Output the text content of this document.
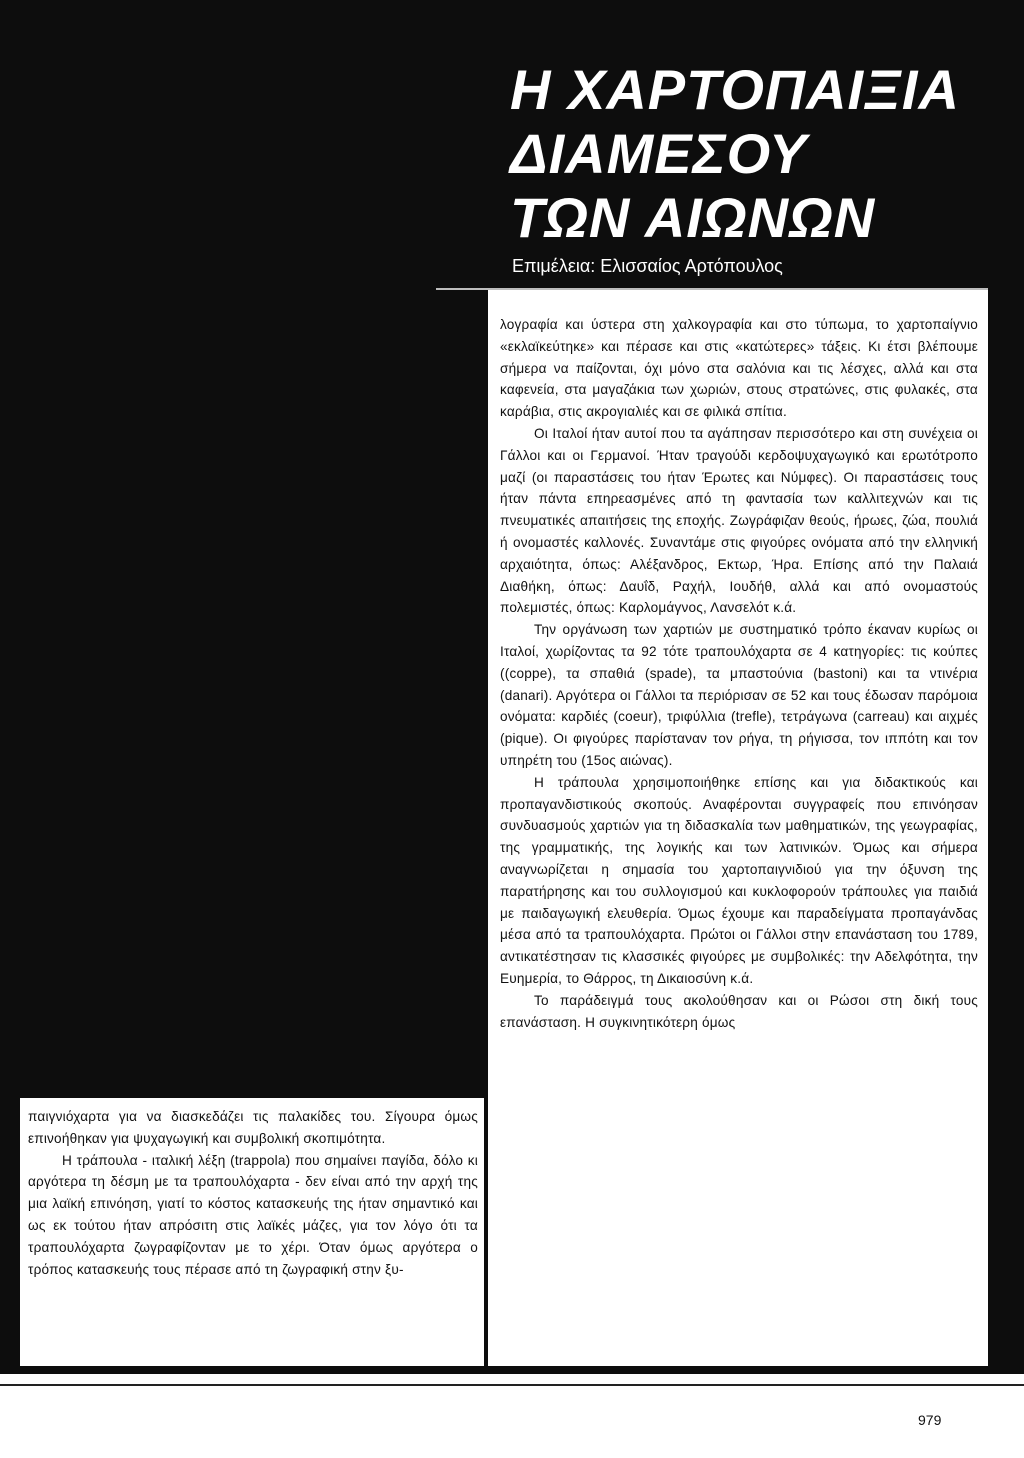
Η ΧΑΡΤΟΠΑΙΞΙΑ
ΔΙΑΜΕΣΟΥ
ΤΩΝ ΑΙΩΝΩΝ
Επιμέλεια: Ελισσαίος Αρτόπουλος

λογραφία και ύστερα στη χαλκογραφία και στο τύπωμα, το χαρτοπαίγνιο «εκλαϊκεύτηκε» και πέρασε και στις «κατώτερες» τάξεις. Κι έτσι βλέπουμε σήμερα να παίζονται, όχι μόνο στα σαλόνια και τις λέσχες, αλλά και στα καφενεία, στα μαγαζάκια των χωριών, στους στρατώνες, στις φυλακές, στα καράβια, στις ακρογιαλιές και σε φιλικά σπίτια.

Οι Ιταλοί ήταν αυτοί που τα αγάπησαν περισσότερο και στη συνέχεια οι Γάλλοι και οι Γερμανοί. Ήταν τραγούδι κερδοψυχαγωγικό και ερωτότροπο μαζί (οι παραστάσεις του ήταν Έρωτες και Νύμφες). Οι παραστάσεις τους ήταν πάντα επηρεασμένες από τη φαντασία των καλλιτεχνών και τις πνευματικές απαιτήσεις της εποχής. Ζωγράφιζαν θεούς, ήρωες, ζώα, πουλιά ή ονομαστές καλλονές. Συναντάμε στις φιγούρες ονόματα από την ελληνική αρχαιότητα, όπως: Αλέξανδρος, Εκτωρ, Ήρα. Επίσης από την Παλαιά Διαθήκη, όπως: Δαυΐδ, Ραχήλ, Ιουδήθ, αλλά και από ονομαστούς πολεμιστές, όπως: Καρλομάγνος, Λανσελότ κ.ά.

Την οργάνωση των χαρτιών με συστηματικό τρόπο έκαναν κυρίως οι Ιταλοί, χωρίζοντας τα 92 τότε τραπουλόχαρτα σε 4 κατηγορίες: τις κούπες ((coppe), τα σπαθιά (spade), τα μπαστούνια (bastoni) και τα ντινέρια (danari). Αργότερα οι Γάλλοι τα περιόρισαν σε 52 και τους έδωσαν παρόμοια ονόματα: καρδιές (coeur), τριφύλλια (trefle), τετράγωνα (carreau) και αιχμές (pique). Οι φιγούρες παρίσταναν τον ρήγα, τη ρήγισσα, τον ιππότη και τον υπηρέτη του (15ος αιώνας).

Η τράπουλα χρησιμοποιήθηκε επίσης και για διδακτικούς και προπαγανδιστικούς σκοπούς. Αναφέρονται συγγραφείς που επινόησαν συνδυασμούς χαρτιών για τη διδασκαλία των μαθηματικών, της γεωγραφίας, της γραμματικής, της λογικής και των λατινικών. Όμως και σήμερα αναγνωρίζεται η σημασία του χαρτοπαιγνιδιού για την όξυνση της παρατήρησης και του συλλογισμού και κυκλοφορούν τράπουλες για παιδιά με παιδαγωγική ελευθερία. Όμως έχουμε και παραδείγματα προπαγάνδας μέσα από τα τραπουλόχαρτα. Πρώτοι οι Γάλλοι στην επανάσταση του 1789, αντικατέστησαν τις κλασσικές φιγούρες με συμβολικές: την Αδελφότητα, την Ευημερία, το Θάρρος, τη Δικαιοσύνη κ.ά.

Το παράδειγμά τους ακολούθησαν και οι Ρώσοι στη δική τους επανάσταση. Η συγκινητικότερη όμως

παιγνιόχαρτα για να διασκεδάζει τις παλακίδες του. Σίγουρα όμως επινοήθηκαν για ψυχαγωγική και συμβολική σκοπιμότητα.

Η τράπουλα - ιταλική λέξη (trappola) που σημαίνει παγίδα, δόλο κι αργότερα τη δέσμη με τα τραπουλόχαρτα - δεν είναι από την αρχή της μια λαϊκή επινόηση, γιατί το κόστος κατασκευής της ήταν σημαντικό και ως εκ τούτου ήταν απρόσιτη στις λαϊκές μάζες, για τον λόγο ότι τα τραπουλόχαρτα ζωγραφίζονταν με το χέρι. Όταν όμως αργότερα ο τρόπος κατασκευής τους πέρασε από τη ζωγραφική στην ξυ-

979
